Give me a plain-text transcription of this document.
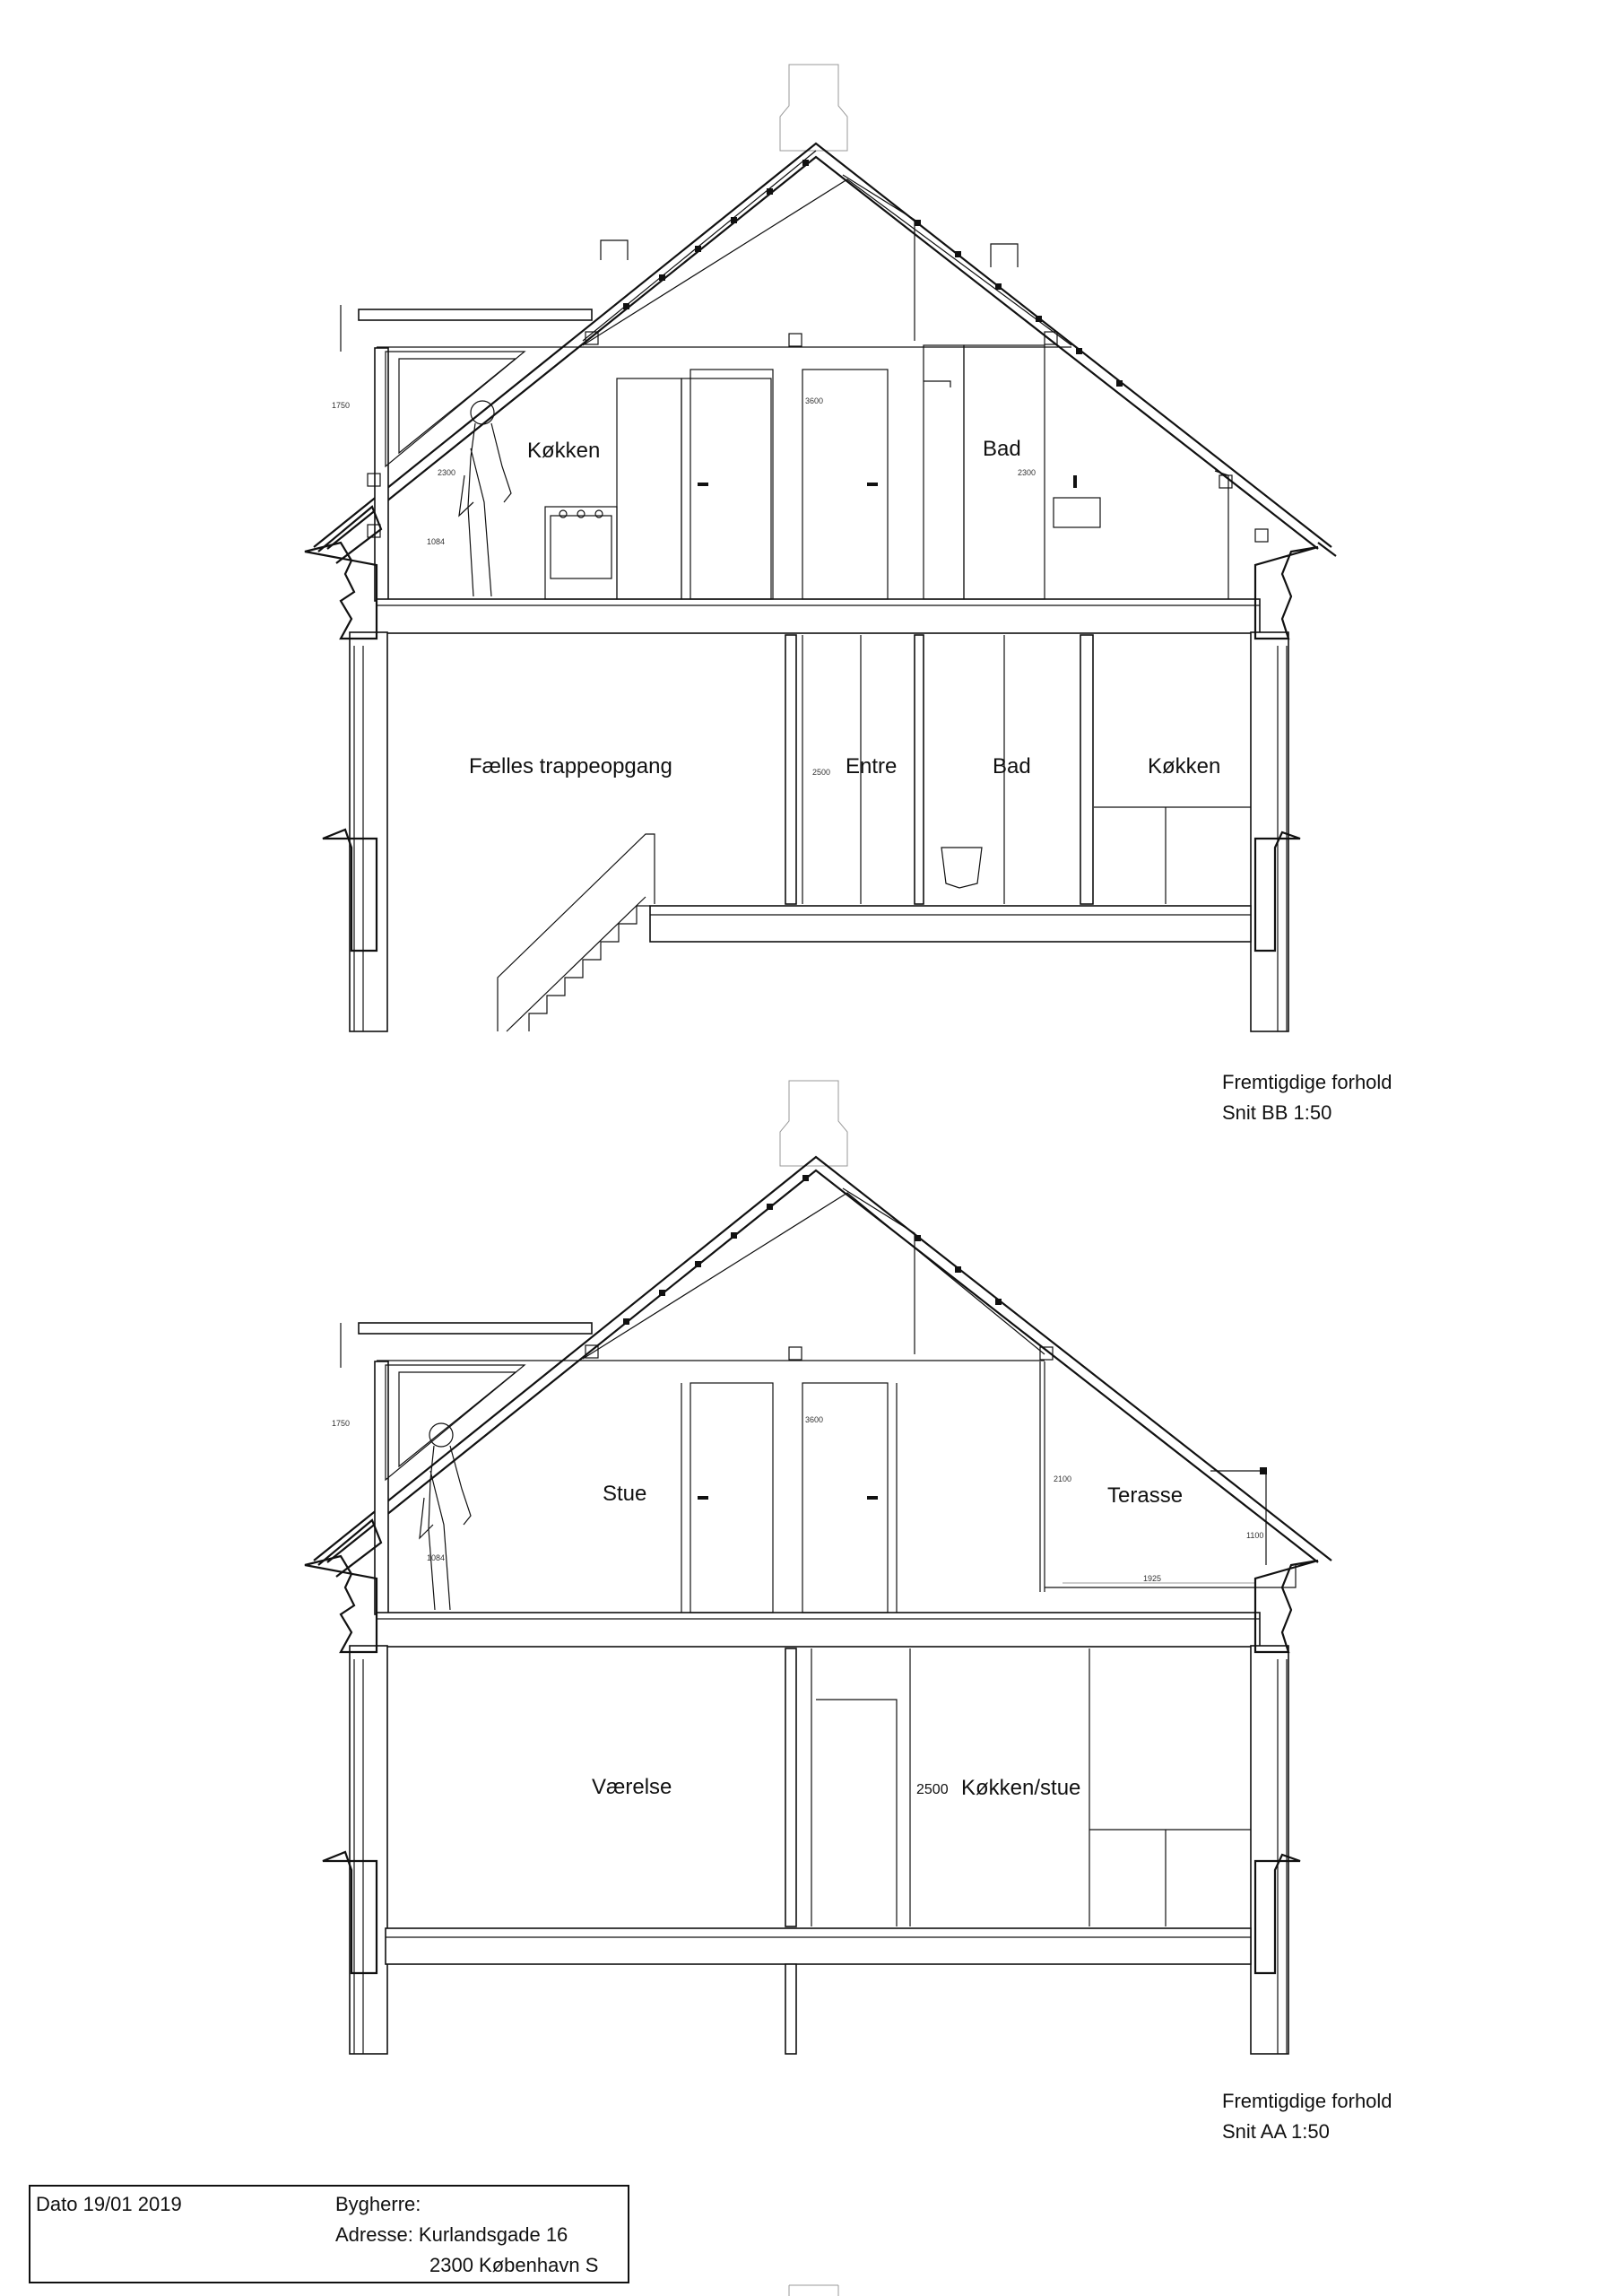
Køkken	Bad
Fælles trappeopgang	Entre	Bad	Køkken
1750
2300
1084
3600
2300
2500
Stue	Terasse
Værelse	Køkken/stue
1750
1084
3600
2100
1100
1925
2500
Fremtigdige forhold
Snit BB 1:50
Fremtigdige forhold
Snit AA 1:50
Dato 19/01 2019	Bygherre:
Adresse: Kurlandsgade 16
2300 København S
